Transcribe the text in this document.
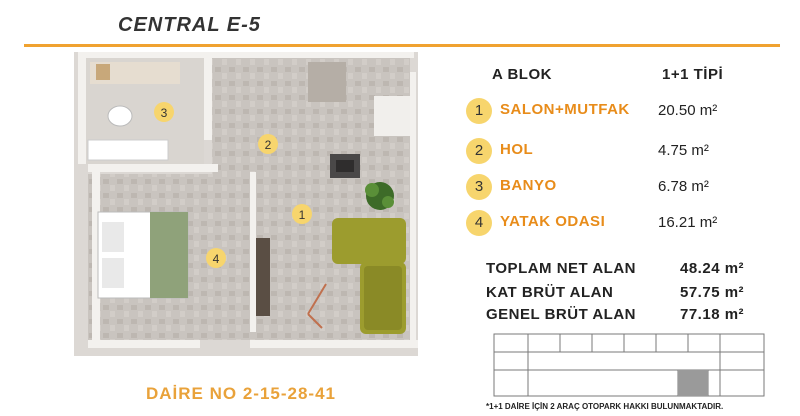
CENTRAL E-5
3
2
1
4
A BLOK	1+1 TİPİ
1	SALON+MUTFAK 20.50 m²
2	HOL	4.75 m²
3	BANYO	6.78 m²
4	YATAK ODASI	16.21 m²
TOPLAM NET ALAN	48.24 m²
KAT BRÜT ALAN	57.75 m²
GENEL BRÜT ALAN	77.18 m²
DAİRE NO 2-15-28-41
*1+1 DAİRE İÇİN 2 ARAÇ OTOPARK HAKKI BULUNMAKTADIR.
